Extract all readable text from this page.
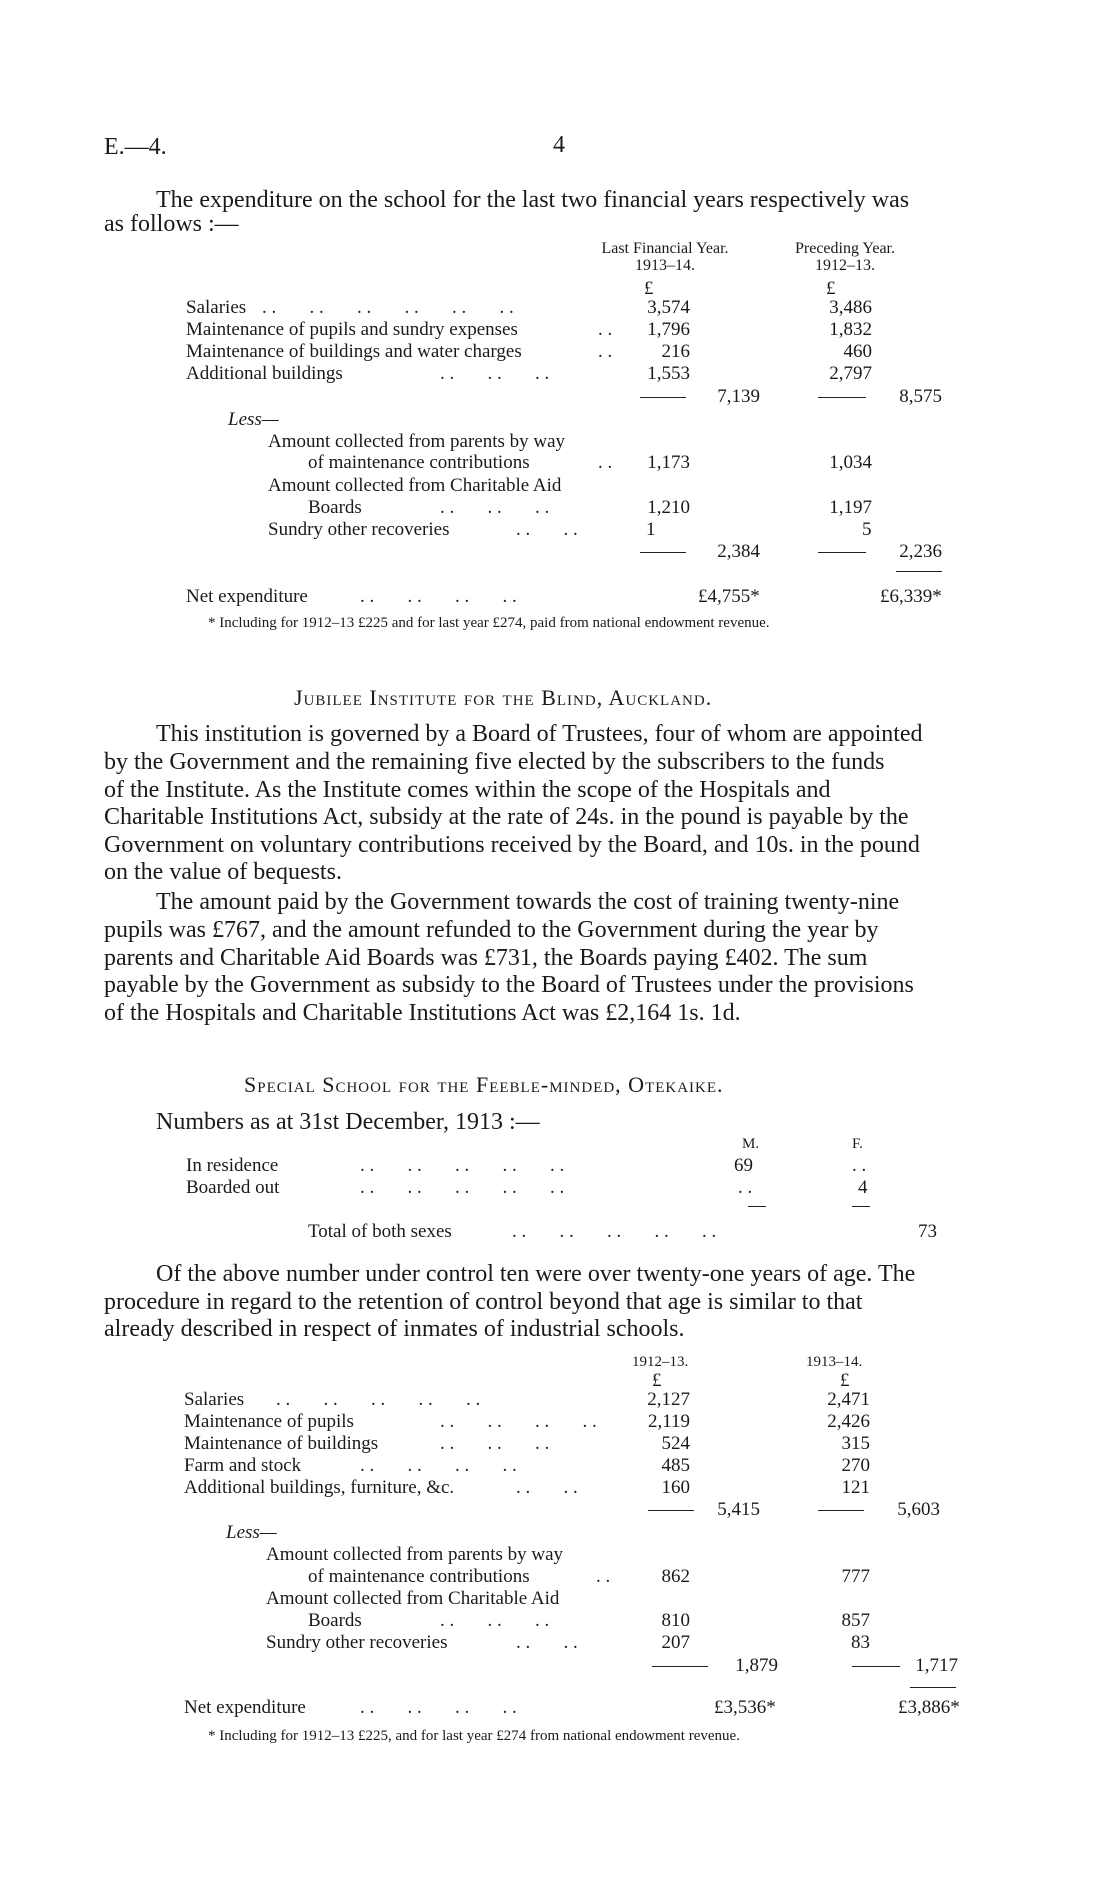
E.—4.	4
The expenditure on the school for the last two financial years respectively was
as follows :—
Last Financial Year.
1913–14.
Preceding Year.
1912–13.
£	£
Salaries . .       . .       . .       . .       . .       . .	3,574	3,486
Maintenance of pupils and sundry expenses	. .	1,796	1,832
Maintenance of buildings and water charges	. .	216	460
Additional buildings	. .       . .       . .	1,553	2,797
7,139	8,575
Less—
Amount collected from parents by way
of maintenance contributions	. .	1,173	1,034
Amount collected from Charitable Aid
Boards	. .       . .       . .	1,210	1,197
Sundry other recoveries	. .       . .	1	5
2,384	2,236
Net expenditure	. .       . .       . .       . .	£4,755*	£6,339*
* Including for 1912–13 £225 and for last year £274, paid from national endowment revenue.
Jubilee Institute for the Blind, Auckland.
This institution is governed by a Board of Trustees, four of whom are appointed
by the Government and the remaining five elected by the subscribers to the funds
of the Institute. As the Institute comes within the scope of the Hospitals and
Charitable Institutions Act, subsidy at the rate of 24s. in the pound is payable by the
Government on voluntary contributions received by the Board, and 10s. in the pound
on the value of bequests.
The amount paid by the Government towards the cost of training twenty-nine
pupils was £767, and the amount refunded to the Government during the year by
parents and Charitable Aid Boards was £731, the Boards paying £402. The sum
payable by the Government as subsidy to the Board of Trustees under the provisions
of the Hospitals and Charitable Institutions Act was £2,164 1s. 1d.
Special School for the Feeble-minded, Otekaike.
Numbers as at 31st December, 1913 :—
M.	F.
In residence	. .       . .       . .       . .       . .	69	. .
Boarded out	. .       . .       . .       . .       . .	. .	4
Total of both sexes	. .       . .       . .       . .       . .	73
Of the above number under control ten were over twenty-one years of age. The
procedure in regard to the retention of control beyond that age is similar to that
already described in respect of inmates of industrial schools.
1912–13.	1913–14.
£	£
Salaries . .       . .       . .       . .       . .	2,127	2,471
Maintenance of pupils	. .       . .       . .       . .	2,119	2,426
Maintenance of buildings	. .       . .       . .	524	315
Farm and stock	. .       . .       . .       . .	485	270
Additional buildings, furniture, &c.	. .       . .	160	121
5,415	5,603
Less—
Amount collected from parents by way
of maintenance contributions	. .	862	777
Amount collected from Charitable Aid
Boards	. .       . .       . .	810	857
Sundry other recoveries	. .       . .	207	83
1,879	1,717
Net expenditure	. .       . .       . .       . .	£3,536*	£3,886*
* Including for 1912–13 £225, and for last year £274 from national endowment revenue.
